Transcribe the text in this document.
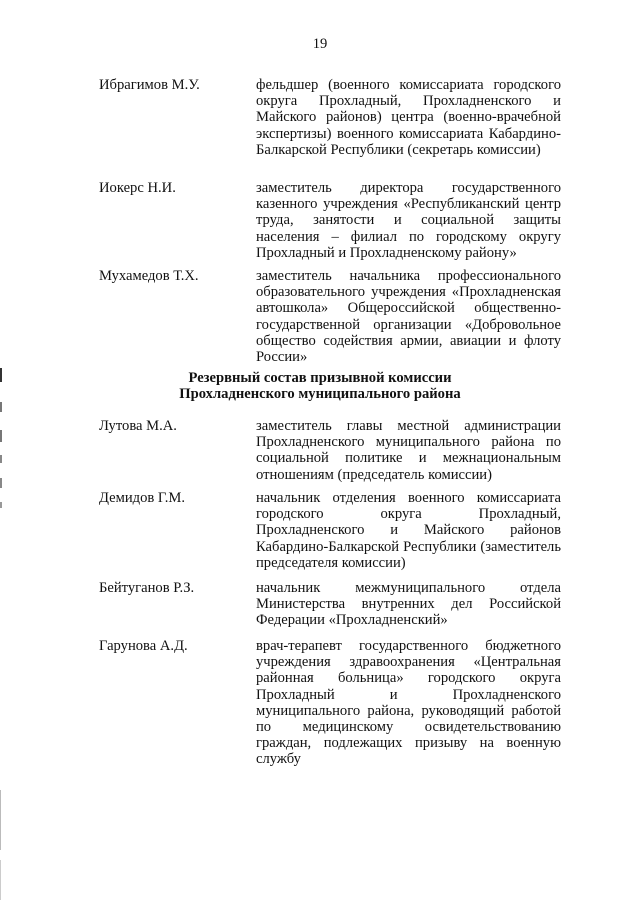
19
Ибрагимов М.У.	фельдшер (военного комиссариата городского округа Прохладный, Прохладненского и Майского районов) центра (военно-врачебной экспертизы) военного комиссариата Кабардино-Балкарской Республики (секретарь комиссии)
Иокерс Н.И.	заместитель директора государственного казенного учреждения «Республиканский центр труда, занятости и социальной защиты населения – филиал по городскому округу Прохладный и Прохладненскому району»
Мухамедов Т.Х.	заместитель начальника профессионального образовательного учреждения «Прохладненская автошкола» Общероссийской общественно-государственной организации «Добровольное общество содействия армии, авиации и флоту России»
Резервный состав призывной комиссии
Прохладненского муниципального района
Лутова М.А.	заместитель главы местной администрации Прохладненского муниципального района по социальной политике и межнациональным отношениям (председатель комиссии)
Демидов Г.М.	начальник отделения военного комиссариата городского округа Прохладный, Прохладненского и Майского районов Кабардино-Балкарской Республики (заместитель председателя комиссии)
Бейтуганов Р.З.	начальник межмуниципального отдела Министерства внутренних дел Российской Федерации «Прохладненский»
Гарунова А.Д.	врач-терапевт государственного бюджетного учреждения здравоохранения «Центральная районная больница» городского округа Прохладный и Прохладненского муниципального района, руководящий работой по медицинскому освидетельствованию граждан, подлежащих призыву на военную службу
